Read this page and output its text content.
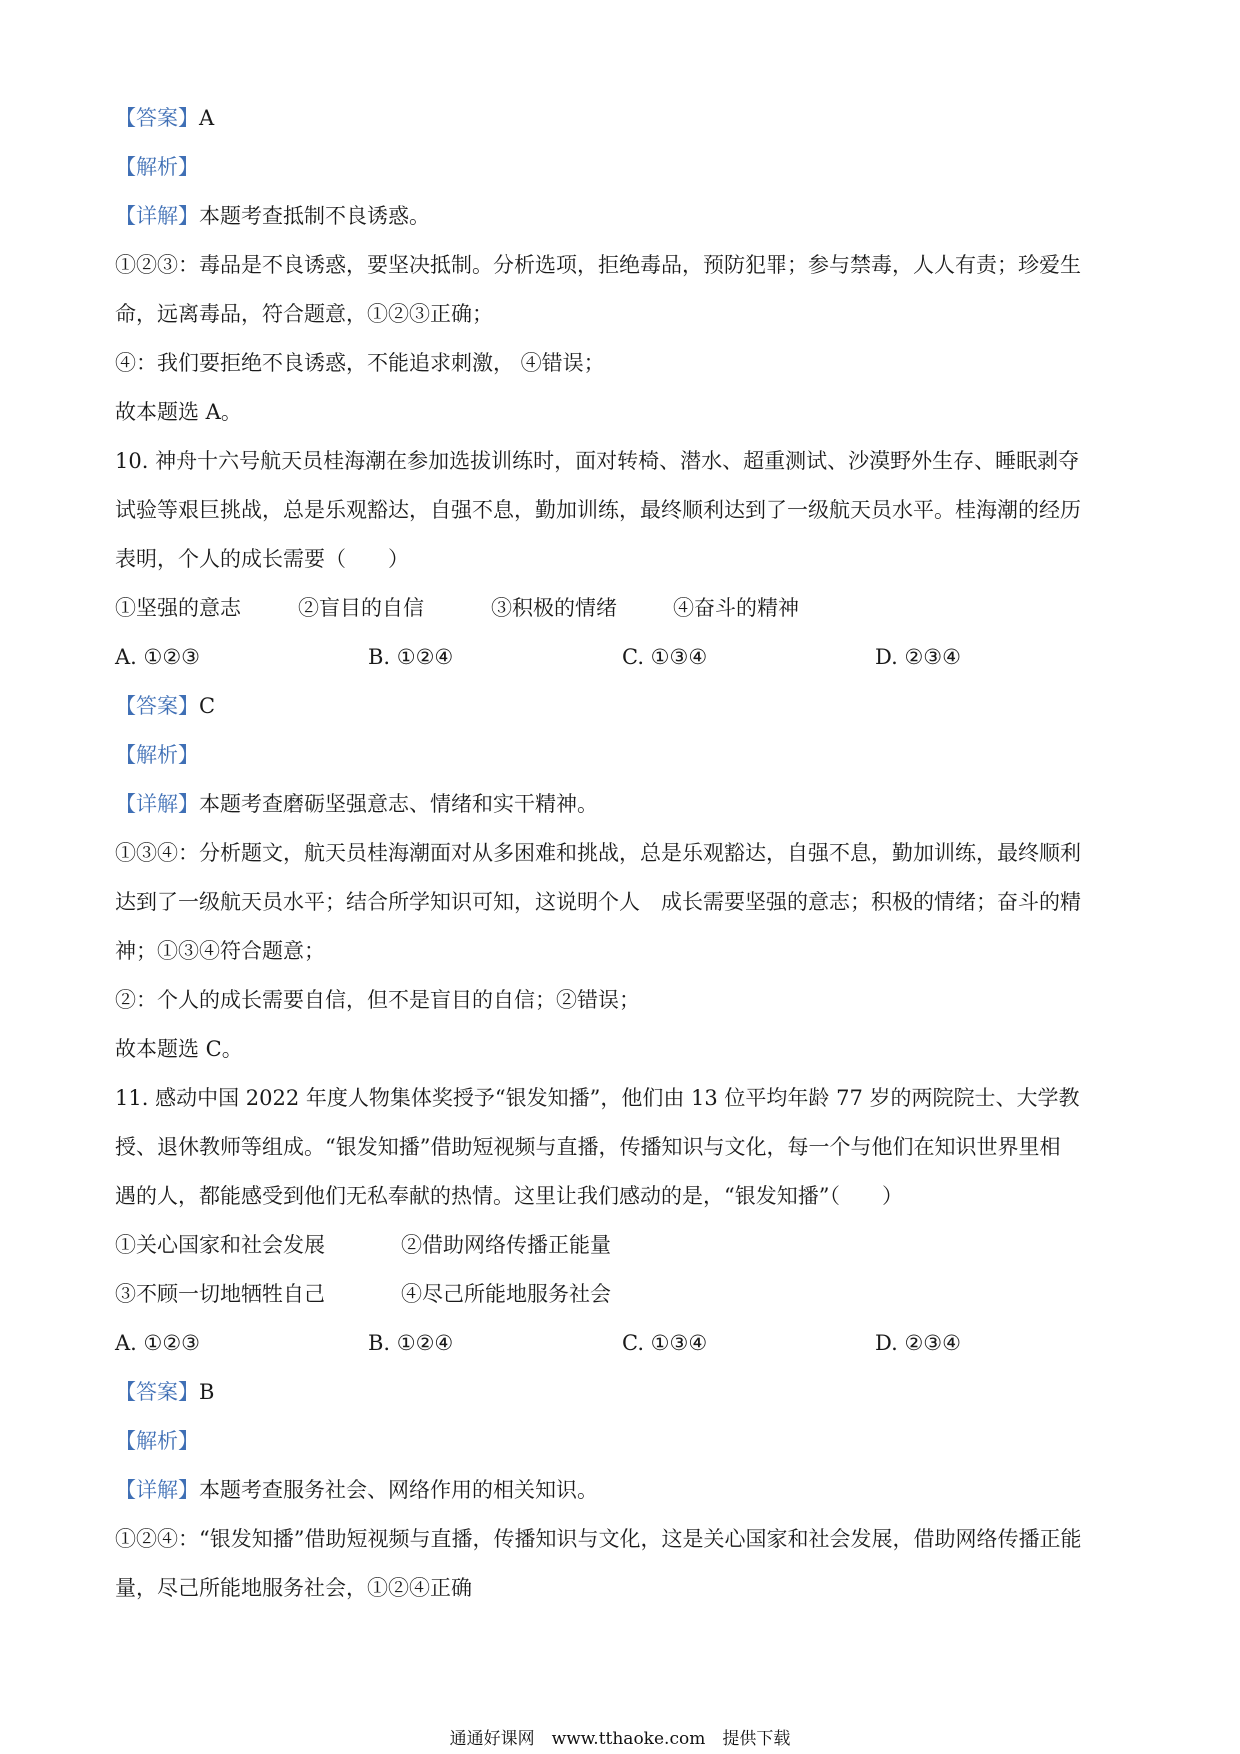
【答案】A
【解析】
【详解】本题考查抵制不良诱惑。
①②③：毒品是不良诱惑，要坚决抵制。分析选项，拒绝毒品，预防犯罪；参与禁毒，人人有责；珍爱生
命，远离毒品，符合题意，①②③正确；
④：我们要拒绝不良诱惑，不能追求刺激， ④错误；
故本题选 A。
10. 神舟十六号航天员桂海潮在参加选拔训练时，面对转椅、潜水、超重测试、沙漠野外生存、睡眠剥夺
试验等艰巨挑战，总是乐观豁达，自强不息，勤加训练，最终顺利达到了一级航天员水平。桂海潮的经历
表明，个人的成长需要（　　）
①坚强的意志	②盲目的自信	③积极的情绪	④奋斗的精神
A. ①②③	B. ①②④	C. ①③④	D. ②③④
【答案】C
【解析】
【详解】本题考查磨砺坚强意志、情绪和实干精神。
①③④：分析题文，航天员桂海潮面对从多困难和挑战，总是乐观豁达，自强不息，勤加训练，最终顺利
达到了一级航天员水平；结合所学知识可知，这说明个人　成长需要坚强的意志；积极的情绪；奋斗的精
神；①③④符合题意；
②：个人的成长需要自信，但不是盲目的自信；②错误；
故本题选 C。
11. 感动中国 2022 年度人物集体奖授予“银发知播”，他们由 13 位平均年龄 77 岁的两院院士、大学教
授、退休教师等组成。“银发知播”借助短视频与直播，传播知识与文化，每一个与他们在知识世界里相
遇的人，都能感受到他们无私奉献的热情。这里让我们感动的是，“银发知播”（　　）
①关心国家和社会发展	②借助网络传播正能量
③不顾一切地牺牲自己	④尽己所能地服务社会
A. ①②③	B. ①②④	C. ①③④	D. ②③④
【答案】B
【解析】
【详解】本题考查服务社会、网络作用的相关知识。
①②④：“银发知播”借助短视频与直播，传播知识与文化，这是关心国家和社会发展，借助网络传播正能
量，尽己所能地服务社会，①②④正确
通通好课网　www.tthaoke.com　提供下载
